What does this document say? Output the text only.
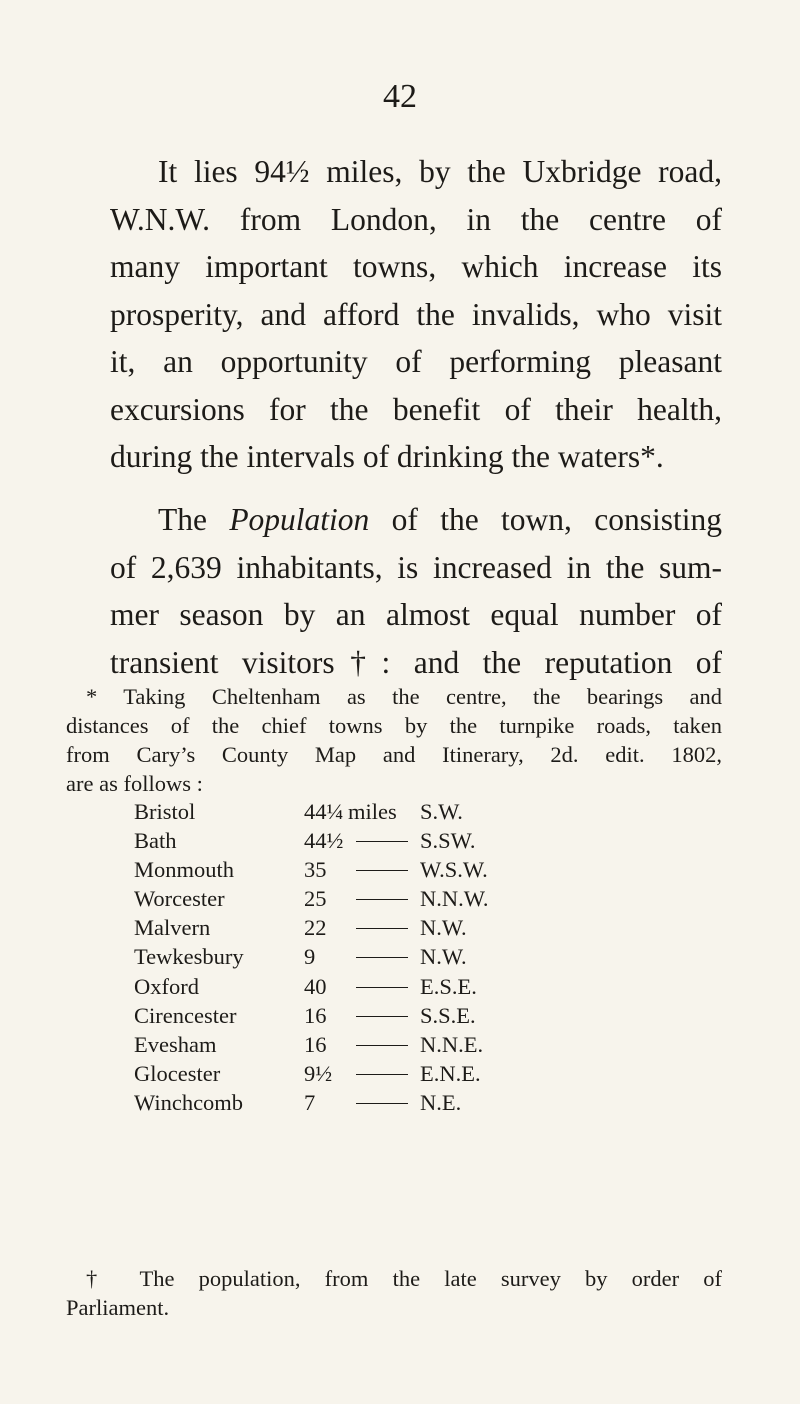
42

It lies 94½ miles, by the Uxbridge road,
W.N.W. from London, in the centre of
many important towns, which increase its
prosperity, and afford the invalids, who visit
it, an opportunity of performing pleasant
excursions for the benefit of their health,
during the intervals of drinking the waters*.

The Population of the town, consisting
of 2,639 inhabitants, is increased in the sum-
mer season by an almost equal number of
transient visitors†: and the reputation of

* Taking Cheltenham as the centre, the bearings and
distances of the chief towns by the turnpike roads, taken
from Cary’s County Map and Itinerary, 2d. edit. 1802,
are as follows :

Bristol	44¼ miles S.W.
Bath	44½	S.SW.
Monmouth	35	W.S.W.
Worcester	25	N.N.W.
Malvern	22	N.W.
Tewkesbury	9	N.W.
Oxford	40	E.S.E.
Cirencester	16	S.S.E.
Evesham	16	N.N.E.
Glocester	9½	E.N.E.
Winchcomb	7	N.E.

† The population, from the late survey by order of
Parliament.
